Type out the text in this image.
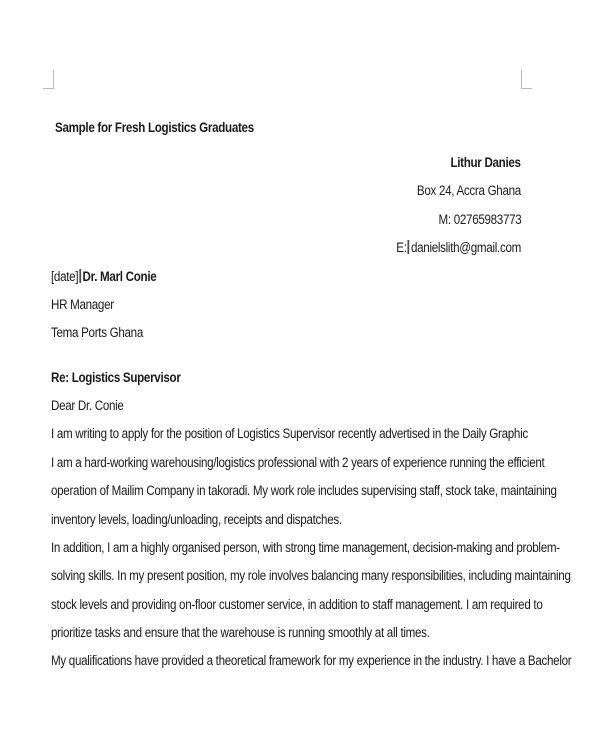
Sample for Fresh Logistics Graduates
Lithur Danies
Box 24, Accra Ghana
M: 02765983773
E: danielslith@gmail.com
[date] Dr. Marl Conie
HR Manager
Tema Ports Ghana
Re: Logistics Supervisor
Dear Dr. Conie
I am writing to apply for the position of Logistics Supervisor recently advertised in the Daily Graphic
I am a hard-working warehousing/logistics professional with 2 years of experience running the efficient
operation of Mailim Company in takoradi. My work role includes supervising staff, stock take, maintaining
inventory levels, loading/unloading, receipts and dispatches.
In addition, I am a highly organised person, with strong time management, decision-making and problem-
solving skills. In my present position, my role involves balancing many responsibilities, including maintaining
stock levels and providing on-floor customer service, in addition to staff management. I am required to
prioritize tasks and ensure that the warehouse is running smoothly at all times.
My qualifications have provided a theoretical framework for my experience in the industry. I have a Bachelor
